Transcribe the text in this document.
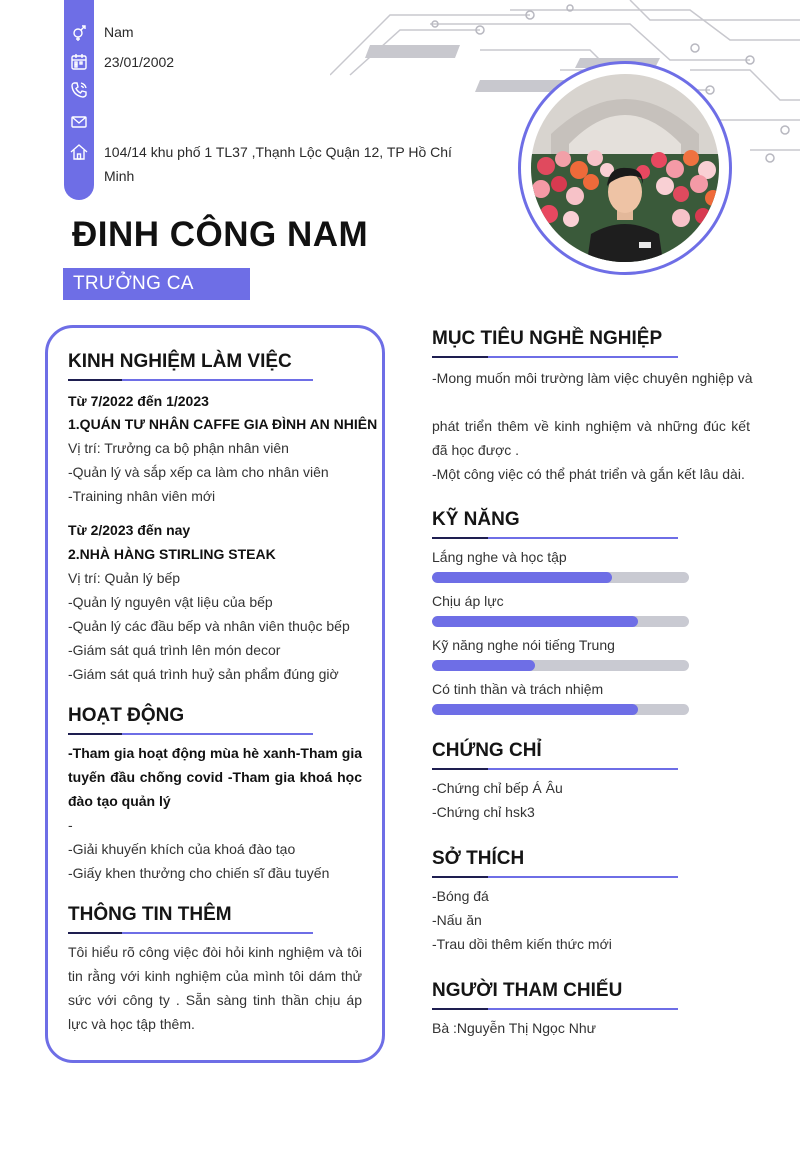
Nam
23/01/2002
104/14 khu phố 1 TL37 ,Thạnh Lộc Quận 12, TP Hồ Chí
Minh
ĐINH CÔNG NAM
TRƯỞNG CA
KINH NGHIỆM LÀM VIỆC
Từ 7/2022 đến 1/2023
1.QUÁN TƯ NHÂN CAFFE GIA ĐÌNH AN NHIÊN
Vị trí: Trưởng ca bộ phận nhân viên
-Quản lý và sắp xếp ca làm cho nhân viên
-Training nhân viên mới
Từ 2/2023 đến nay
2.NHÀ HÀNG STIRLING STEAK
Vị trí: Quản lý bếp
-Quản lý nguyên vật liệu của bếp
-Quản lý các đầu bếp và nhân viên thuộc bếp
-Giám sát quá trình lên món decor
-Giám sát quá trình huỷ sản phẩm đúng giờ
HOẠT ĐỘNG
-Tham gia hoạt động mùa hè xanh-Tham gia tuyến đầu chống covid -Tham gia khoá học đào tạo quản lý
-
-Giải khuyến khích của khoá đào tạo
-Giấy khen thưởng cho chiến sĩ đầu tuyến
THÔNG TIN THÊM
Tôi hiểu rõ công việc đòi hỏi kinh nghiệm và tôi tin rằng với kinh nghiệm của mình tôi dám thử sức với công ty . Sẵn sàng tinh thần chịu áp lực và học tập thêm.
MỤC TIÊU NGHỀ NGHIỆP
-Mong muốn môi trường làm việc chuyên nghiệp và
phát triển thêm về kinh nghiệm và những đúc kết đã học được .
-Một công việc có thể phát triển và gắn kết lâu dài.
KỸ NĂNG
Lắng nghe và học tập
Chịu áp lực
Kỹ năng nghe nói tiếng Trung
Có tinh thần và trách nhiệm
CHỨNG CHỈ
-Chứng chỉ bếp Á Âu
-Chứng chỉ hsk3
SỞ THÍCH
-Bóng đá
-Nấu ăn
-Trau dồi thêm kiến thức mới
NGƯỜI THAM CHIẾU
Bà :Nguyễn Thị Ngọc Như
